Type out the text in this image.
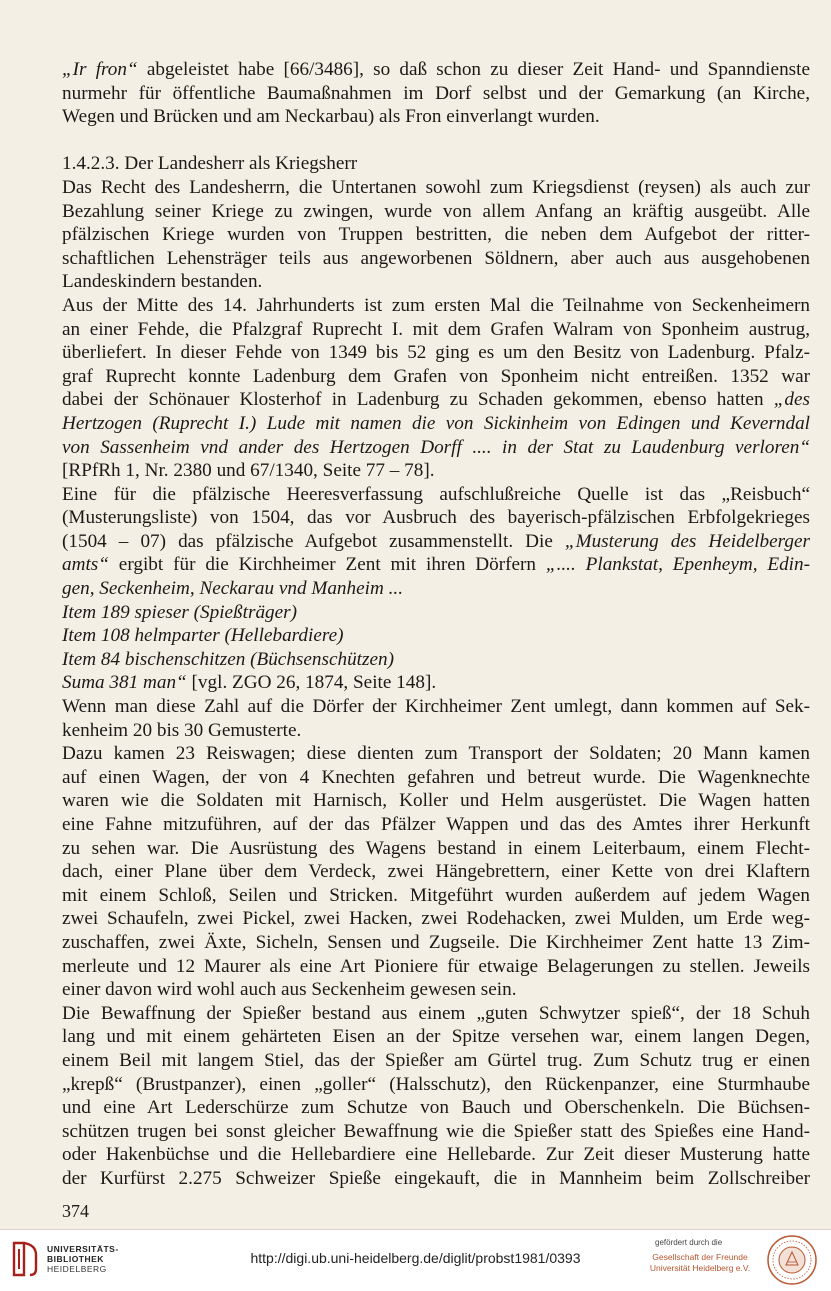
„Ir fron“ abgeleistet habe [66/3486], so daß schon zu dieser Zeit Hand- und Spanndienste
nurmehr für öffentliche Baumaßnahmen im Dorf selbst und der Gemarkung (an Kirche,
Wegen und Brücken und am Neckarbau) als Fron einverlangt wurden.
1.4.2.3. Der Landesherr als Kriegsherr
Das Recht des Landesherrn, die Untertanen sowohl zum Kriegsdienst (reysen) als auch zur
Bezahlung seiner Kriege zu zwingen, wurde von allem Anfang an kräftig ausgeübt. Alle
pfälzischen Kriege wurden von Truppen bestritten, die neben dem Aufgebot der ritter-
schaftlichen Lehensträger teils aus angeworbenen Söldnern, aber auch aus ausgehobenen
Landeskindern bestanden.
Aus der Mitte des 14. Jahrhunderts ist zum ersten Mal die Teilnahme von Seckenheimern
an einer Fehde, die Pfalzgraf Ruprecht I. mit dem Grafen Walram von Sponheim austrug,
überliefert. In dieser Fehde von 1349 bis 52 ging es um den Besitz von Ladenburg. Pfalz-
graf Ruprecht konnte Ladenburg dem Grafen von Sponheim nicht entreißen. 1352 war
dabei der Schönauer Klosterhof in Ladenburg zu Schaden gekommen, ebenso hatten „des
Hertzogen (Ruprecht I.) Lude mit namen die von Sickinheim von Edingen und Keverndal
von Sassenheim vnd ander des Hertzogen Dorff .... in der Stat zu Laudenburg verloren“
[RPfRh 1, Nr. 2380 und 67/1340, Seite 77 – 78].
Eine für die pfälzische Heeresverfassung aufschlußreiche Quelle ist das „Reisbuch“
(Musterungsliste) von 1504, das vor Ausbruch des bayerisch-pfälzischen Erbfolgekrieges
(1504 – 07) das pfälzische Aufgebot zusammenstellt. Die „Musterung des Heidelberger
amts“ ergibt für die Kirchheimer Zent mit ihren Dörfern „.... Plankstat, Epenheym, Edin-
gen, Seckenheim, Neckarau vnd Manheim ...
Item 189 spieser (Spießträger)
Item 108 helmparter (Hellebardiere)
Item 84 bischenschitzen (Büchsenschützen)
Suma 381 man“ [vgl. ZGO 26, 1874, Seite 148].
Wenn man diese Zahl auf die Dörfer der Kirchheimer Zent umlegt, dann kommen auf Sek-
kenheim 20 bis 30 Gemusterte.
Dazu kamen 23 Reiswagen; diese dienten zum Transport der Soldaten; 20 Mann kamen
auf einen Wagen, der von 4 Knechten gefahren und betreut wurde. Die Wagenknechte
waren wie die Soldaten mit Harnisch, Koller und Helm ausgerüstet. Die Wagen hatten
eine Fahne mitzuführen, auf der das Pfälzer Wappen und das des Amtes ihrer Herkunft
zu sehen war. Die Ausrüstung des Wagens bestand in einem Leiterbaum, einem Flecht-
dach, einer Plane über dem Verdeck, zwei Hängebrettern, einer Kette von drei Klaftern
mit einem Schloß, Seilen und Stricken. Mitgeführt wurden außerdem auf jedem Wagen
zwei Schaufeln, zwei Pickel, zwei Hacken, zwei Rodehacken, zwei Mulden, um Erde weg-
zuschaffen, zwei Äxte, Sicheln, Sensen und Zugseile. Die Kirchheimer Zent hatte 13 Zim-
merleute und 12 Maurer als eine Art Pioniere für etwaige Belagerungen zu stellen. Jeweils
einer davon wird wohl auch aus Seckenheim gewesen sein.
Die Bewaffnung der Spießer bestand aus einem „guten Schwytzer spieß“, der 18 Schuh
lang und mit einem gehärteten Eisen an der Spitze versehen war, einem langen Degen,
einem Beil mit langem Stiel, das der Spießer am Gürtel trug. Zum Schutz trug er einen
„krepß“ (Brustpanzer), einen „goller“ (Halsschutz), den Rückenpanzer, eine Sturmhaube
und eine Art Lederschürze zum Schutze von Bauch und Oberschenkeln. Die Büchsen-
schützen trugen bei sonst gleicher Bewaffnung wie die Spießer statt des Spießes eine Hand-
oder Hakenbüchse und die Hellebardiere eine Hellebarde. Zur Zeit dieser Musterung hatte
der Kurfürst 2.275 Schweizer Spieße eingekauft, die in Mannheim beim Zollschreiber
374
UNIVERSITÄTS-
BIBLIOTHEK
HEIDELBERG
http://digi.ub.uni-heidelberg.de/diglit/probst1981/0393
gefördert durch die
Gesellschaft der Freunde
Universität Heidelberg e.V.
